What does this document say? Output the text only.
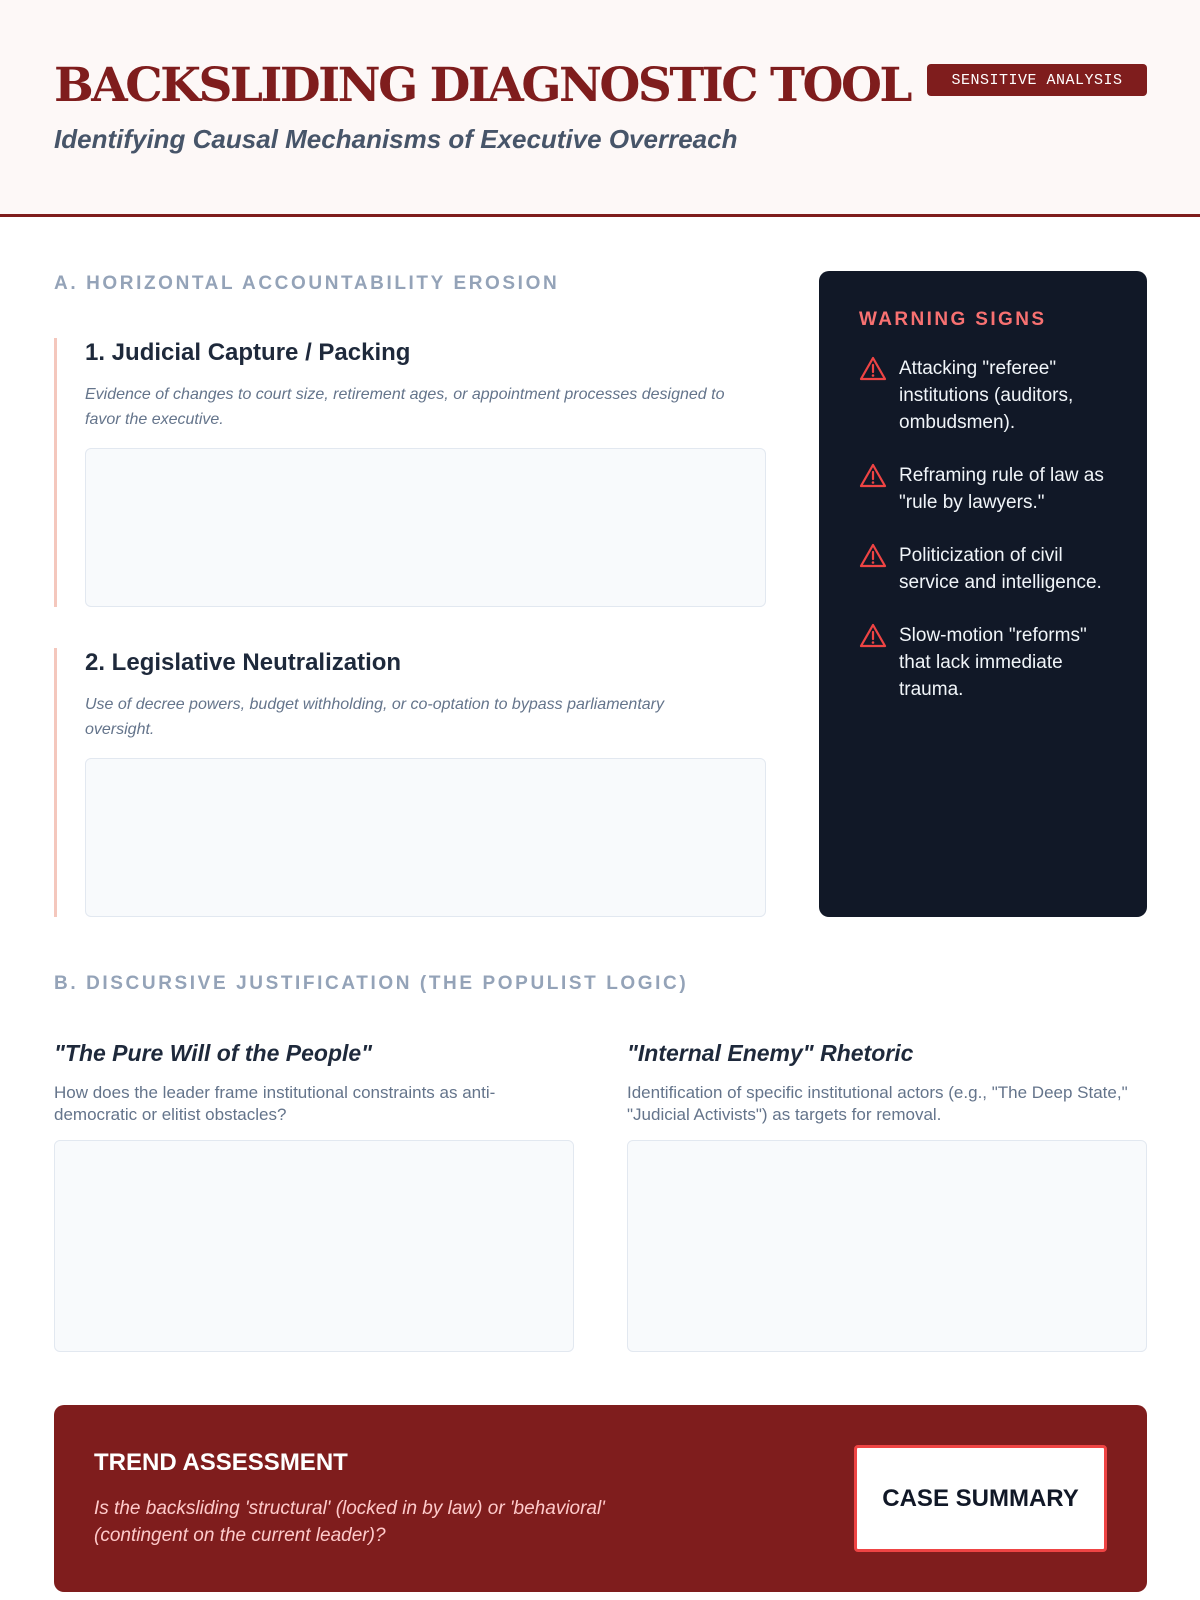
BACKSLIDING DIAGNOSTIC TOOL
Identifying Causal Mechanisms of Executive Overreach
SENSITIVE ANALYSIS
A. HORIZONTAL ACCOUNTABILITY EROSION
1. Judicial Capture / Packing
Evidence of changes to court size, retirement ages, or appointment processes designed to favor the executive.
2. Legislative Neutralization
Use of decree powers, budget withholding, or co-optation to bypass parliamentary oversight.
WARNING SIGNS
Attacking "referee" institutions (auditors, ombudsmen).
Reframing rule of law as "rule by lawyers."
Politicization of civil service and intelligence.
Slow-motion "reforms" that lack immediate trauma.
B. DISCURSIVE JUSTIFICATION (THE POPULIST LOGIC)
"The Pure Will of the People"
How does the leader frame institutional constraints as anti-democratic or elitist obstacles?
"Internal Enemy" Rhetoric
Identification of specific institutional actors (e.g., "The Deep State," "Judicial Activists") as targets for removal.
TREND ASSESSMENT
Is the backsliding 'structural' (locked in by law) or 'behavioral' (contingent on the current leader)?
CASE SUMMARY
